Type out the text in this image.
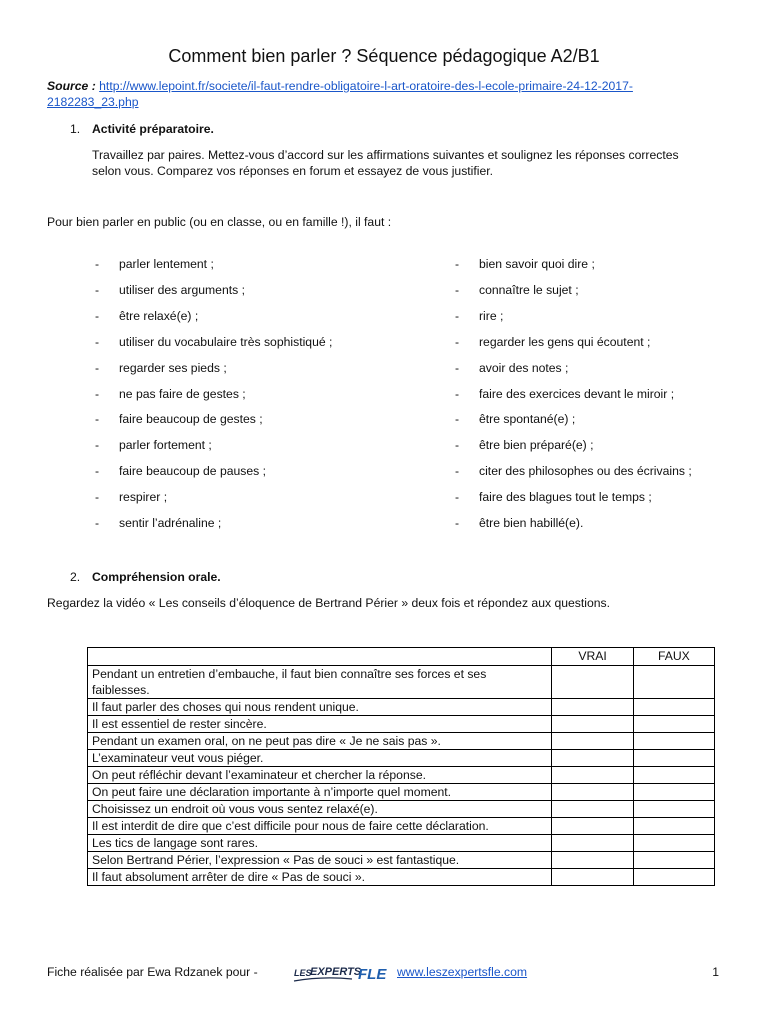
Comment bien parler ? Séquence pédagogique A2/B1
Source : http://www.lepoint.fr/societe/il-faut-rendre-obligatoire-l-art-oratoire-des-l-ecole-primaire-24-12-2017-
2182283_23.php
1. Activité préparatoire.
Travaillez par paires. Mettez-vous d’accord sur les affirmations suivantes et soulignez les réponses correctes
selon vous. Comparez vos réponses en forum et essayez de vous justifier.
Pour bien parler en public (ou en classe, ou en famille !), il faut :
- parler lentement ;
- utiliser des arguments ;
- être relaxé(e) ;
- utiliser du vocabulaire très sophistiqué ;
- regarder ses pieds ;
- ne pas faire de gestes ;
- faire beaucoup de gestes ;
- parler fortement ;
- faire beaucoup de pauses ;
- respirer ;
- sentir l’adrénaline ;
- bien savoir quoi dire ;
- connaître le sujet ;
- rire ;
- regarder les gens qui écoutent ;
- avoir des notes ;
- faire des exercices devant le miroir ;
- être spontané(e) ;
- être bien préparé(e) ;
- citer des philosophes ou des écrivains ;
- faire des blagues tout le temps ;
- être bien habillé(e).
2. Compréhension orale.
Regardez la vidéo « Les conseils d’éloquence de Bertrand Périer » deux fois et répondez aux questions.
	VRAI	FAUX
Pendant un entretien d’embauche, il faut bien connaître ses forces et ses
faiblesses.		
Il faut parler des choses qui nous rendent unique.		
Il est essentiel de rester sincère.		
Pendant un examen oral, on ne peut pas dire « Je ne sais pas ».		
L’examinateur veut vous piéger.		
On peut réfléchir devant l’examinateur et chercher la réponse.		
On peut faire une déclaration importante à n’importe quel moment.		
Choisissez un endroit où vous vous sentez relaxé(e).		
Il est interdit de dire que c’est difficile pour nous de faire cette déclaration.		
Les tics de langage sont rares.		
Selon Bertrand Périer, l’expression « Pas de souci » est fantastique.		
Il faut absolument arrêter de dire « Pas de souci ».		
Fiche réalisée par Ewa Rdzanek pour -	LES
EXPERTS
FLE www.leszexpertsfle.com	1
